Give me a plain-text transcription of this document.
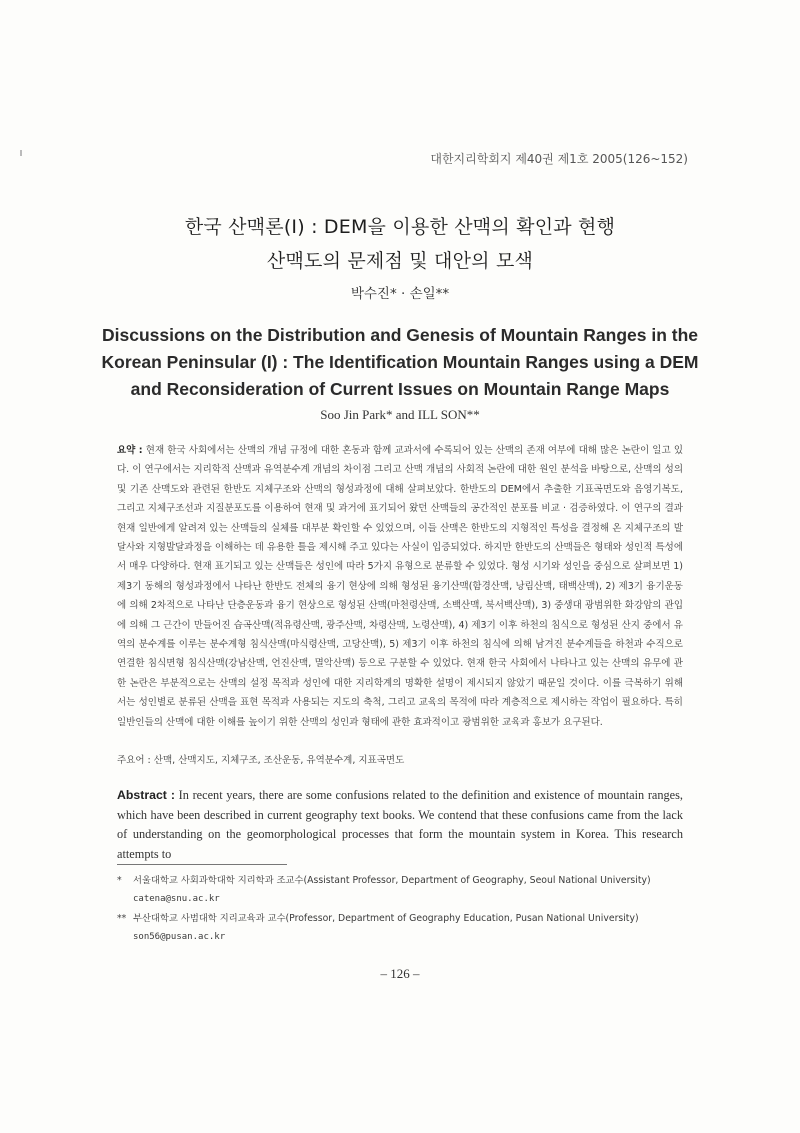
대한지리학회지 제40권 제1호 2005(126~152)
한국 산맥론(I) : DEM을 이용한 산맥의 확인과 현행
산맥도의 문제점 및 대안의 모색
박수진* · 손일**
Discussions on the Distribution and Genesis of Mountain Ranges in the
Korean Peninsular (I) : The Identification Mountain Ranges using a DEM
and Reconsideration of Current Issues on Mountain Range Maps
Soo Jin Park* and ILL SON**
요약 : 현재 한국 사회에서는 산맥의 개념 규정에 대한 혼동과 함께 교과서에 수록되어 있는 산맥의 존재 여부에 대해 많은 논란이 일고 있다. 이 연구에서는 지리학적 산맥과 유역분수계 개념의 차이점 그리고 산맥 개념의 사회적 논란에 대한 원인 분석을 바탕으로, 산맥의 성의 및 기존 산맥도와 관련된 한반도 지체구조와 산맥의 형성과정에 대해 살펴보았다. 한반도의 DEM에서 추출한 기표곡면도와 음영기복도, 그리고 지체구조선과 지질분포도를 이용하여 현재 및 과거에 표기되어 왔던 산맥들의 공간적인 분포를 비교 · 검증하였다. 이 연구의 결과 현재 일반에게 알려져 있는 산맥들의 실체를 대부분 확인할 수 있었으며, 이들 산맥은 한반도의 지형적인 특성을 결정해 온 지체구조의 발달사와 지형발달과정을 이해하는 데 유용한 틀을 제시해 주고 있다는 사실이 입증되었다. 하지만 한반도의 산맥들은 형태와 성인적 특성에서 매우 다양하다. 현재 표기되고 있는 산맥들은 성인에 따라 5가지 유형으로 분류할 수 있었다. 형성 시기와 성인을 중심으로 살펴보면 1) 제3기 동해의 형성과정에서 나타난 한반도 전체의 융기 현상에 의해 형성된 융기산맥(함경산맥, 낭림산맥, 태백산맥), 2) 제3기 융기운동에 의해 2차적으로 나타난 단층운동과 융기 현상으로 형성된 산맥(마천령산맥, 소백산맥, 북서백산맥), 3) 중생대 광범위한 화강암의 관입에 의해 그 근간이 만들어진 습곡산맥(적유령산맥, 광주산맥, 차령산맥, 노령산맥), 4) 제3기 이후 하천의 침식으로 형성된 산지 중에서 유역의 분수계를 이루는 분수계형 침식산맥(마식령산맥, 고당산맥), 5) 제3기 이후 하천의 침식에 의해 남겨진 분수계들을 하천과 수직으로 연결한 침식면형 침식산맥(강남산맥, 언진산맥, 멸악산맥) 등으로 구분할 수 있었다. 현재 한국 사회에서 나타나고 있는 산맥의 유무에 관한 논란은 부분적으로는 산맥의 설정 목적과 성인에 대한 지리학계의 명확한 설명이 제시되지 않았기 때문일 것이다. 이를 극복하기 위해서는 성인별로 분류된 산맥을 표현 목적과 사용되는 지도의 축척, 그리고 교육의 목적에 따라 계층적으로 제시하는 작업이 필요하다. 특히 일반인들의 산맥에 대한 이해를 높이기 위한 산맥의 성인과 형태에 관한 효과적이고 광범위한 교육과 홍보가 요구된다.
주요어 : 산맥, 산맥지도, 지체구조, 조산운동, 유역분수계, 지표곡면도
Abstract : In recent years, there are some confusions related to the definition and existence of mountain ranges, which have been described in current geography text books. We contend that these confusions came from the lack of understanding on the geomorphological processes that form the mountain system in Korea. This research attempts to
* 서울대학교 사회과학대학 지리학과 조교수(Assistant Professor, Department of Geography, Seoul National University)
catena@snu.ac.kr
** 부산대학교 사범대학 지리교육과 교수(Professor, Department of Geography Education, Pusan National University)
son56@pusan.ac.kr
– 126 –
